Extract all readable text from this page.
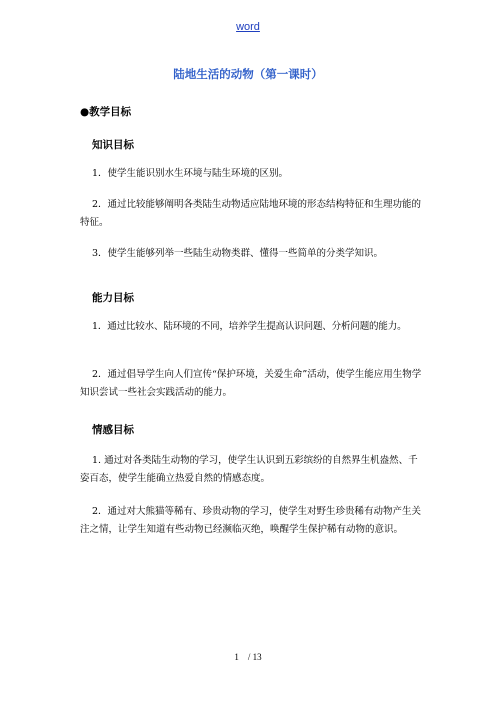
word
陆地生活的动物（第一课时）
●教学目标
知识目标
1．使学生能识别水生环境与陆生环境的区别。
2．通过比较能够阐明各类陆生动物适应陆地环境的形态结构特征和生理功能的特征。
3．使学生能够列举一些陆生动物类群、懂得一些简单的分类学知识。
能力目标
1．通过比较水、陆环境的不同，培养学生提高认识问题、分析问题的能力。
2．通过倡导学生向人们宣传“保护环境，关爱生命”活动，使学生能应用生物学知识尝试一些社会实践活动的能力。
情感目标
1. 通过对各类陆生动物的学习，使学生认识到五彩缤纷的自然界生机盎然、千姿百态，使学生能确立热爱自然的情感态度。
2．通过对大熊猫等稀有、珍贵动物的学习，使学生对野生珍贵稀有动物产生关注之情，让学生知道有些动物已经濒临灭绝，唤醒学生保护稀有动物的意识。
1　/ 13
